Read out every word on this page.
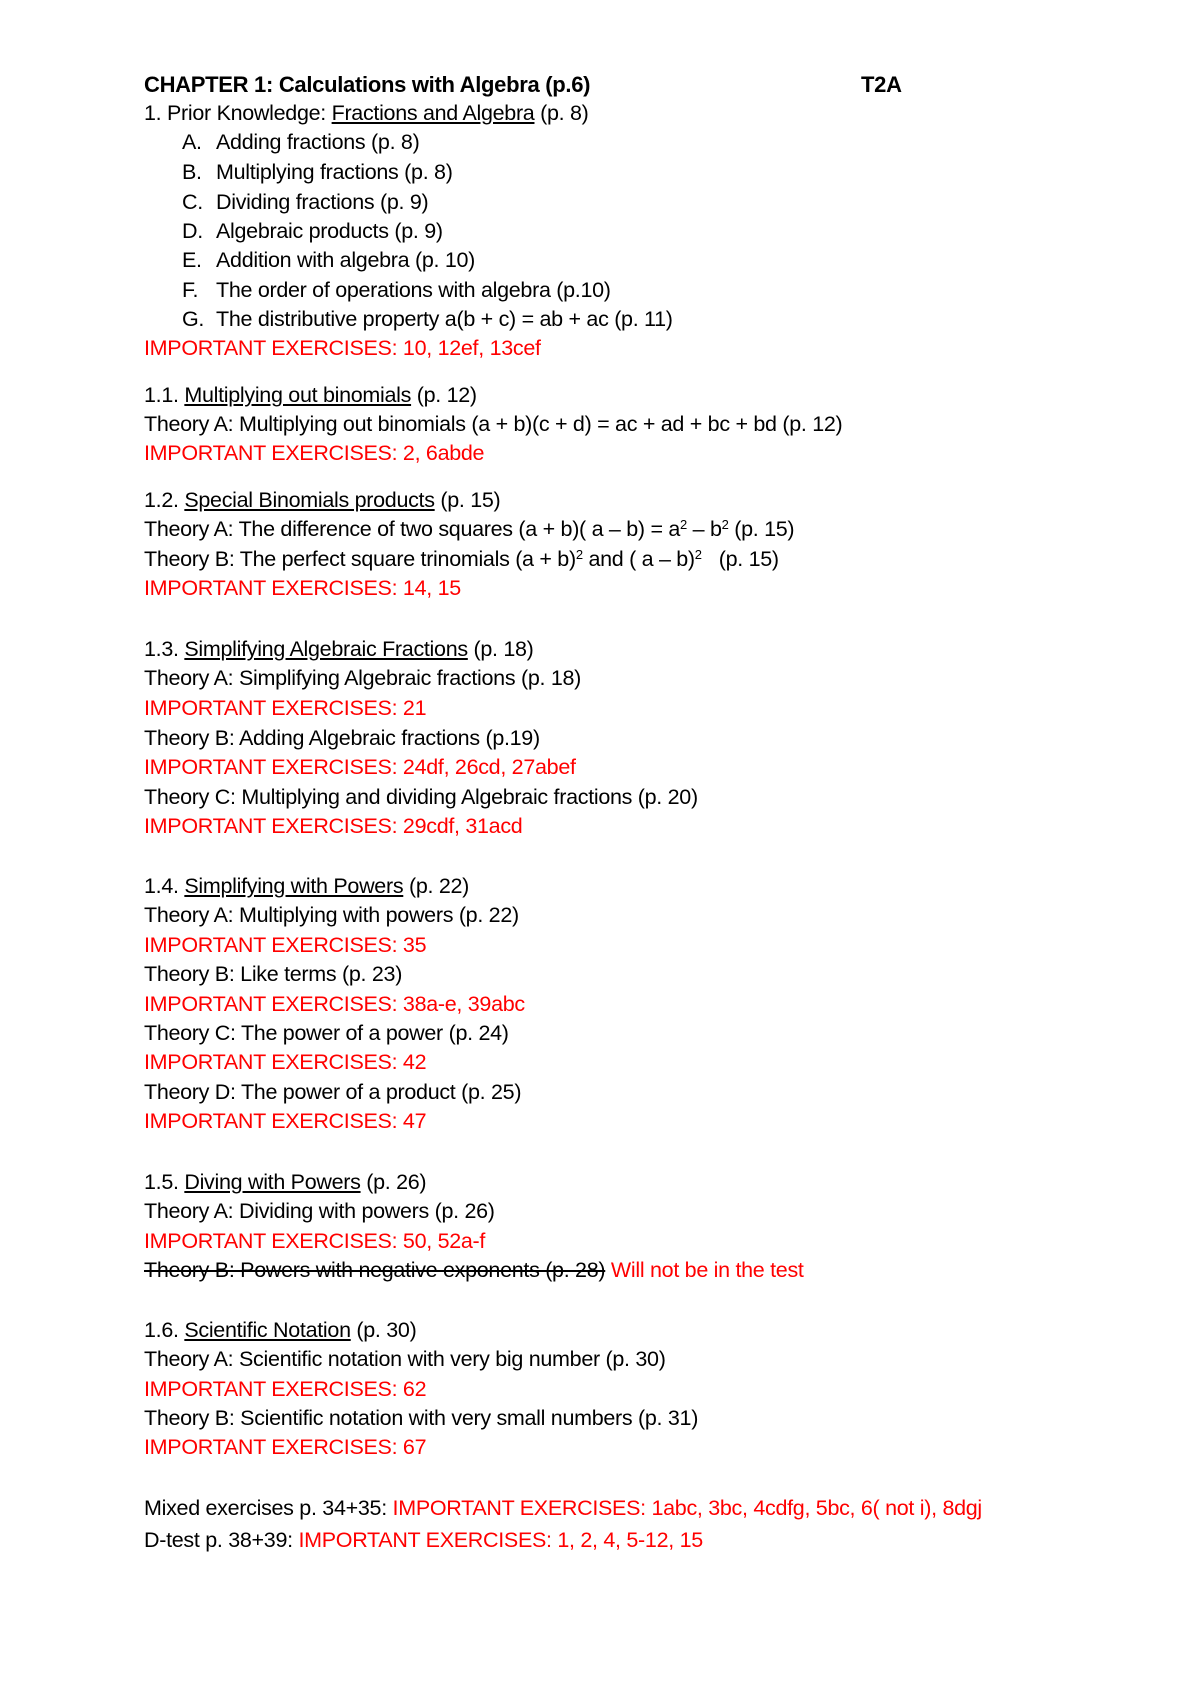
CHAPTER 1: Calculations with Algebra (p.6)	T2A
1. Prior Knowledge: Fractions and Algebra (p. 8)
A. Adding fractions (p. 8)
B. Multiplying fractions (p. 8)
C. Dividing fractions (p. 9)
D. Algebraic products (p. 9)
E. Addition with algebra (p. 10)
F. The order of operations with algebra (p.10)
G. The distributive property a(b + c) = ab + ac (p. 11)
IMPORTANT EXERCISES: 10, 12ef, 13cef
1.1. Multiplying out binomials (p. 12)
Theory A: Multiplying out binomials (a + b)(c + d) = ac + ad + bc + bd (p. 12)
IMPORTANT EXERCISES: 2, 6abde
1.2. Special Binomials products (p. 15)
Theory A: The difference of two squares (a + b)( $a - b) = a^2 - b^2$ (p. 15)
Theory B: The perfect square trinomials $(a + b)^2$ and ( a – b)$^2$   (p. 15)
IMPORTANT EXERCISES: 14, 15
1.3. Simplifying Algebraic Fractions (p. 18)
Theory A: Simplifying Algebraic fractions (p. 18)
IMPORTANT EXERCISES: 21
Theory B: Adding Algebraic fractions (p.19)
IMPORTANT EXERCISES: 24df, 26cd, 27abef
Theory C: Multiplying and dividing Algebraic fractions (p. 20)
IMPORTANT EXERCISES: 29cdf, 31acd
1.4. Simplifying with Powers (p. 22)
Theory A: Multiplying with powers (p. 22)
IMPORTANT EXERCISES: 35
Theory B: Like terms (p. 23)
IMPORTANT EXERCISES: 38a-e, 39abc
Theory C: The power of a power (p. 24)
IMPORTANT EXERCISES: 42
Theory D: The power of a product (p. 25)
IMPORTANT EXERCISES: 47
1.5. Diving with Powers (p. 26)
Theory A: Dividing with powers (p. 26)
IMPORTANT EXERCISES: 50, 52a-f
Theory B: Powers with negative exponents (p. 28) Will not be in the test
1.6. Scientific Notation (p. 30)
Theory A: Scientific notation with very big number (p. 30)
IMPORTANT EXERCISES: 62
Theory B: Scientific notation with very small numbers (p. 31)
IMPORTANT EXERCISES: 67
Mixed exercises p. 34+35: IMPORTANT EXERCISES: 1abc, 3bc, 4cdfg, 5bc, 6( not i), 8dgj
D-test p. 38+39: IMPORTANT EXERCISES: 1, 2, 4, 5-12, 15
